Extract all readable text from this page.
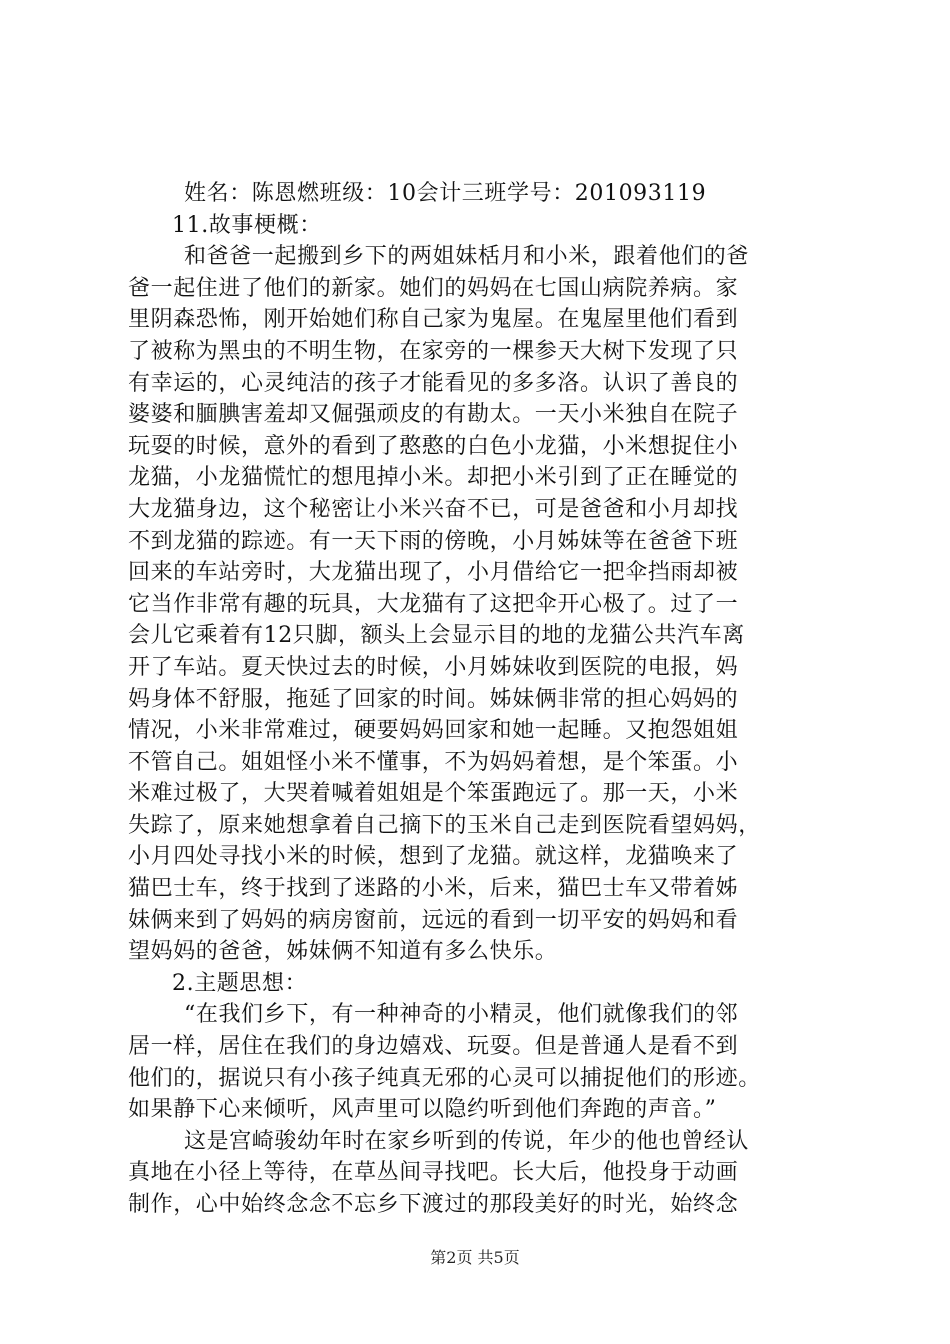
姓名：陈恩燃班级：10会计三班学号：201093119
11.故事梗概：
和爸爸一起搬到乡下的两姐妹栝月和小米，跟着他们的爸
爸一起住进了他们的新家。她们的妈妈在七国山病院养病。家
里阴森恐怖，刚开始她们称自己家为鬼屋。在鬼屋里他们看到
了被称为黑虫的不明生物，在家旁的一棵参天大树下发现了只
有幸运的，心灵纯洁的孩子才能看见的多多洛。认识了善良的
婆婆和腼腆害羞却又倔强顽皮的有勘太。一天小米独自在院子
玩耍的时候，意外的看到了憨憨的白色小龙猫，小米想捉住小
龙猫，小龙猫慌忙的想甩掉小米。却把小米引到了正在睡觉的
大龙猫身边，这个秘密让小米兴奋不已，可是爸爸和小月却找
不到龙猫的踪迹。有一天下雨的傍晚，小月姊妹等在爸爸下班
回来的车站旁时，大龙猫出现了，小月借给它一把伞挡雨却被
它当作非常有趣的玩具，大龙猫有了这把伞开心极了。过了一
会儿它乘着有12只脚，额头上会显示目的地的龙猫公共汽车离
开了车站。夏天快过去的时候，小月姊妹收到医院的电报，妈
妈身体不舒服，拖延了回家的时间。姊妹俩非常的担心妈妈的
情况，小米非常难过，硬要妈妈回家和她一起睡。又抱怨姐姐
不管自己。姐姐怪小米不懂事，不为妈妈着想，是个笨蛋。小
米难过极了，大哭着喊着姐姐是个笨蛋跑远了。那一天，小米
失踪了，原来她想拿着自己摘下的玉米自己走到医院看望妈妈，
小月四处寻找小米的时候，想到了龙猫。就这样，龙猫唤来了
猫巴士车，终于找到了迷路的小米，后来，猫巴士车又带着姊
妹俩来到了妈妈的病房窗前，远远的看到一切平安的妈妈和看
望妈妈的爸爸，姊妹俩不知道有多么快乐。
2.主题思想：
“在我们乡下，有一种神奇的小精灵，他们就像我们的邻
居一样，居住在我们的身边嬉戏、玩耍。但是普通人是看不到
他们的，据说只有小孩子纯真无邪的心灵可以捕捉他们的形迹。
如果静下心来倾听，风声里可以隐约听到他们奔跑的声音。”
这是宫崎骏幼年时在家乡听到的传说，年少的他也曾经认
真地在小径上等待，在草丛间寻找吧。长大后，他投身于动画
制作，心中始终念念不忘乡下渡过的那段美好的时光，始终念
第2页 共5页
